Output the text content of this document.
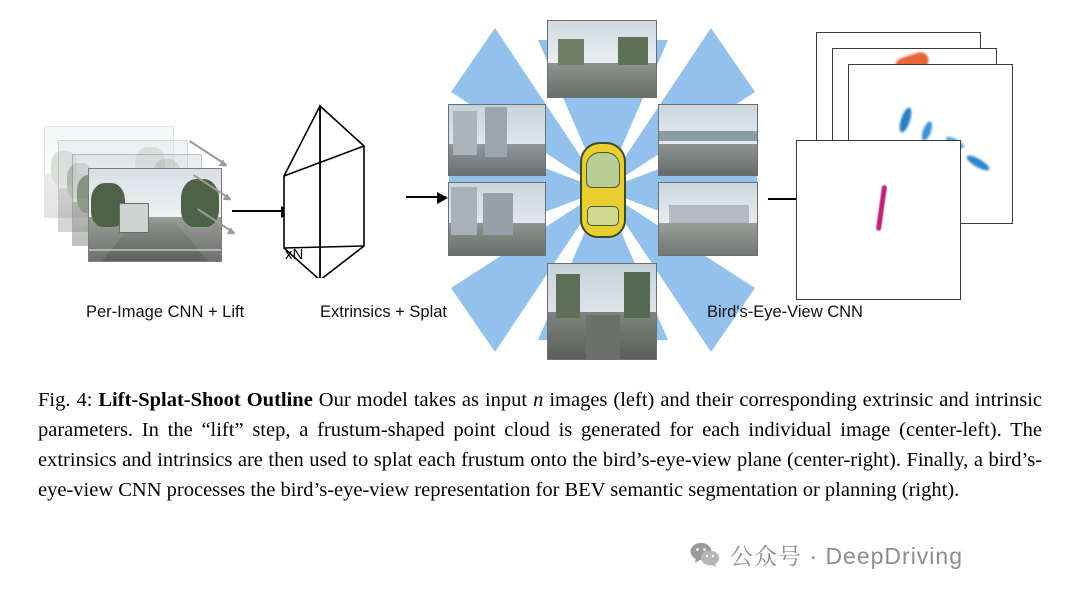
xN
Per-Image CNN + Lift	Extrinsics + Splat	Bird's-Eye-View CNN
Fig. 4: Lift-Splat-Shoot Outline Our model takes as input n images (left) and their corresponding extrinsic and intrinsic parameters. In the “lift” step, a frustum-shaped point cloud is generated for each individual image (center-left). The extrinsics and intrinsics are then used to splat each frustum onto the bird’s-eye-view plane (center-right). Finally, a bird’s-eye-view CNN processes the bird’s-eye-view representation for BEV semantic segmentation or planning (right).
公众号 · DeepDriving
